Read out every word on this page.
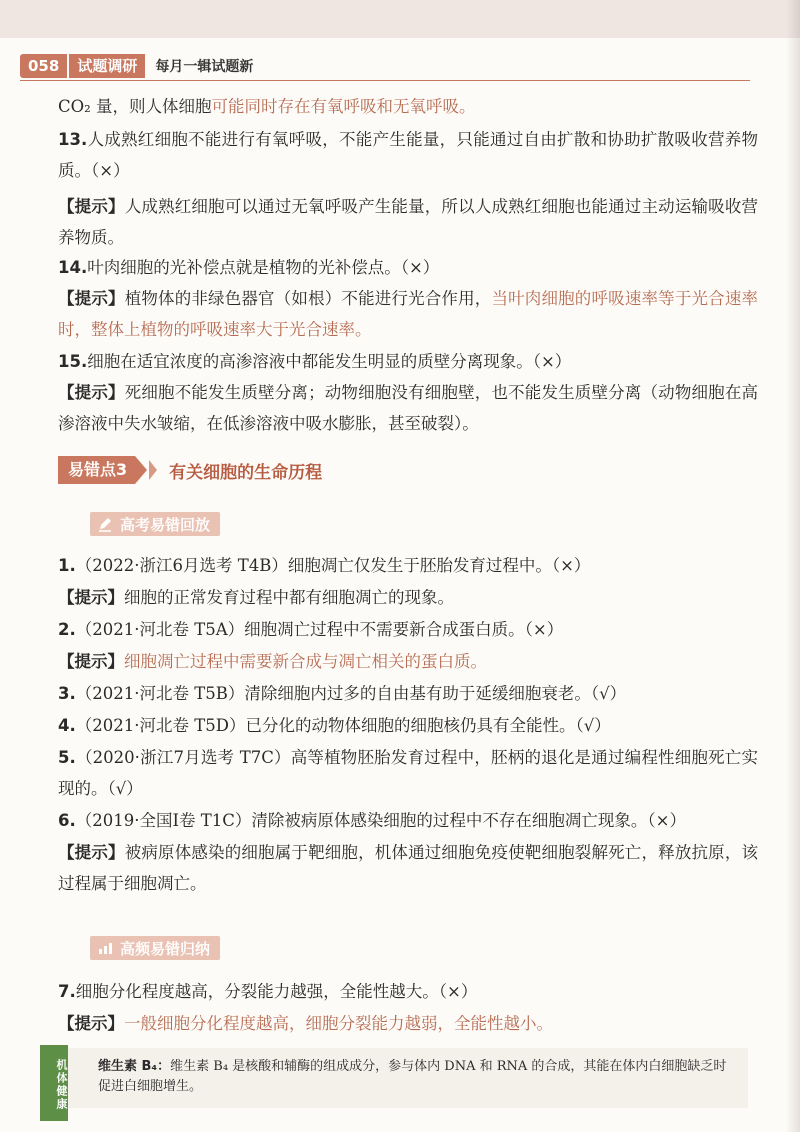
058	试题调研	每月一辑试题新
CO₂ 量，则人体细胞可能同时存在有氧呼吸和无氧呼吸。
13.人成熟红细胞不能进行有氧呼吸，不能产生能量，只能通过自由扩散和协助扩散吸收营养物质。（×）
【提示】人成熟红细胞可以通过无氧呼吸产生能量，所以人成熟红细胞也能通过主动运输吸收营养物质。
14.叶肉细胞的光补偿点就是植物的光补偿点。（×）
【提示】植物体的非绿色器官（如根）不能进行光合作用，当叶肉细胞的呼吸速率等于光合速率时，整体上植物的呼吸速率大于光合速率。
15.细胞在适宜浓度的高渗溶液中都能发生明显的质壁分离现象。（×）
【提示】死细胞不能发生质壁分离；动物细胞没有细胞壁，也不能发生质壁分离（动物细胞在高渗溶液中失水皱缩，在低渗溶液中吸水膨胀，甚至破裂）。
易错点3	有关细胞的生命历程
高考易错回放
1.（2022·浙江6月选考 T4B）细胞凋亡仅发生于胚胎发育过程中。（×）
【提示】细胞的正常发育过程中都有细胞凋亡的现象。
2.（2021·河北卷 T5A）细胞凋亡过程中不需要新合成蛋白质。（×）
【提示】细胞凋亡过程中需要新合成与凋亡相关的蛋白质。
3.（2021·河北卷 T5B）清除细胞内过多的自由基有助于延缓细胞衰老。（√）
4.（2021·河北卷 T5D）已分化的动物体细胞的细胞核仍具有全能性。（√）
5.（2020·浙江7月选考 T7C）高等植物胚胎发育过程中，胚柄的退化是通过编程性细胞死亡实现的。（√）
6.（2019·全国Ⅰ卷 T1C）清除被病原体感染细胞的过程中不存在细胞凋亡现象。（×）
【提示】被病原体感染的细胞属于靶细胞，机体通过细胞免疫使靶细胞裂解死亡，释放抗原，该过程属于细胞凋亡。
高频易错归纳
7.细胞分化程度越高，分裂能力越强，全能性越大。（×）
【提示】一般细胞分化程度越高，细胞分裂能力越弱，全能性越小。
机体健康 维生素 B₄：维生素 B₄ 是核酸和辅酶的组成成分，参与体内 DNA 和 RNA 的合成，其能在体内白细胞缺乏时促进白细胞增生。
